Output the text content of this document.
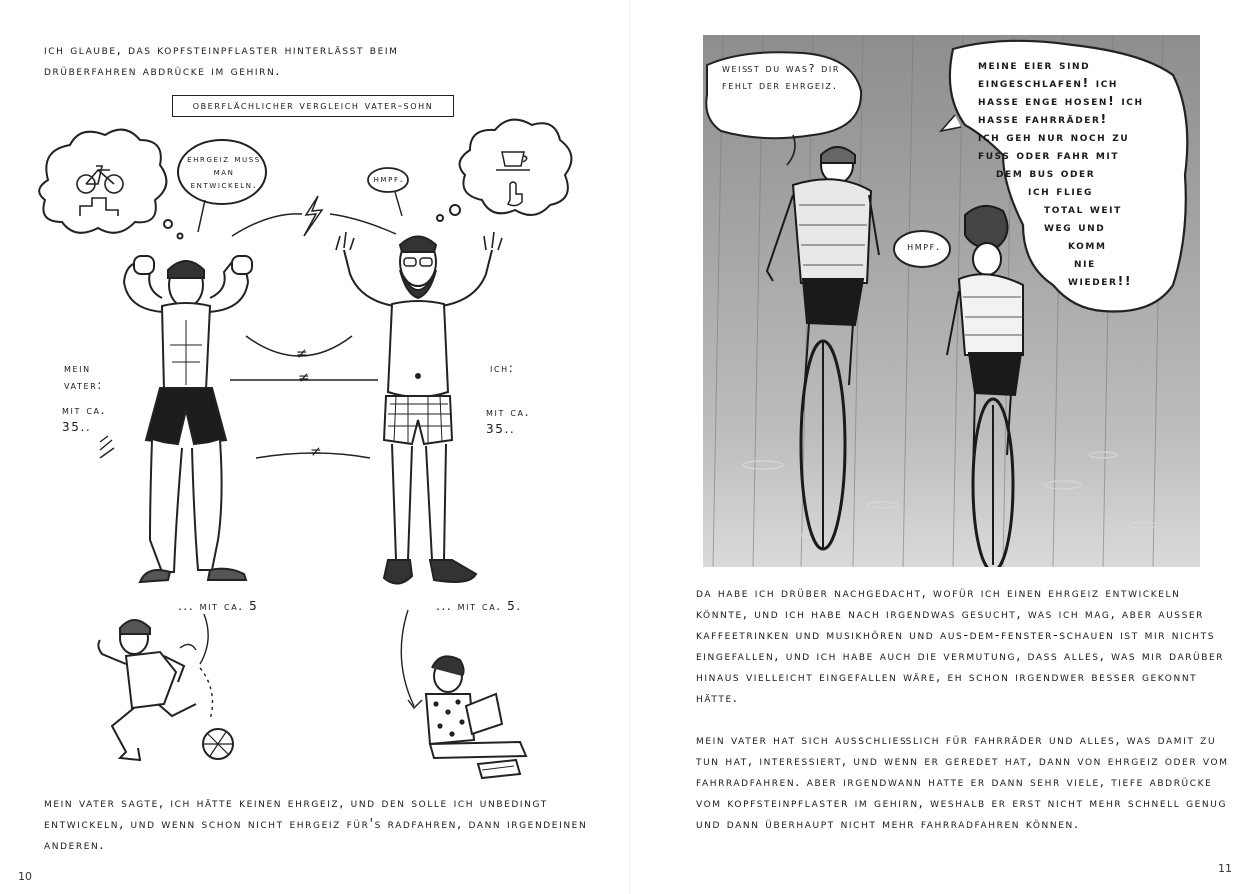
ich glaube, das kopfsteinpflaster hinterlässt beim drüberfahren abdrücke im gehirn.
oberflächlicher vergleich vater-sohn
ehrgeiz muss man entwickeln.
hmpf.
≠
≠
≠
mein vater:
mit ca. 35..
ich:
mit ca. 35..
... mit ca. 5	... mit ca. 5.
mein vater sagte, ich hätte keinen ehrgeiz, und den solle ich unbedingt entwickeln, und wenn schon nicht ehrgeiz für's radfahren, dann irgendeinen anderen.
10
weißt du was? dir fehlt der ehrgeiz.
hmpf.
meine eier sind
eingeschlafen! ich
hasse enge hosen! ich
hasse fahrräder!
ich geh nur noch zu
fuss oder fahr mit
dem bus oder
ich flieg
total weit
weg und
komm
nie
wieder!!
da habe ich drüber nachgedacht, wofür ich einen ehrgeiz entwickeln könnte, und ich habe nach irgendwas gesucht, was ich mag, aber ausser kaffeetrinken und musikhören und aus-dem-fenster-schauen ist mir nichts eingefallen, und ich habe auch die vermutung, dass alles, was mir darüber hinaus vielleicht eingefallen wäre, eh schon irgendwer besser gekonnt hätte.
mein vater hat sich ausschließlich für fahrräder und alles, was damit zu tun hat, interessiert, und wenn er geredet hat, dann von ehrgeiz oder vom fahrradfahren. aber irgendwann hatte er dann sehr viele, tiefe abdrücke vom kopfsteinpflaster im gehirn, weshalb er erst nicht mehr schnell genug und dann überhaupt nicht mehr fahrradfahren können.
11
